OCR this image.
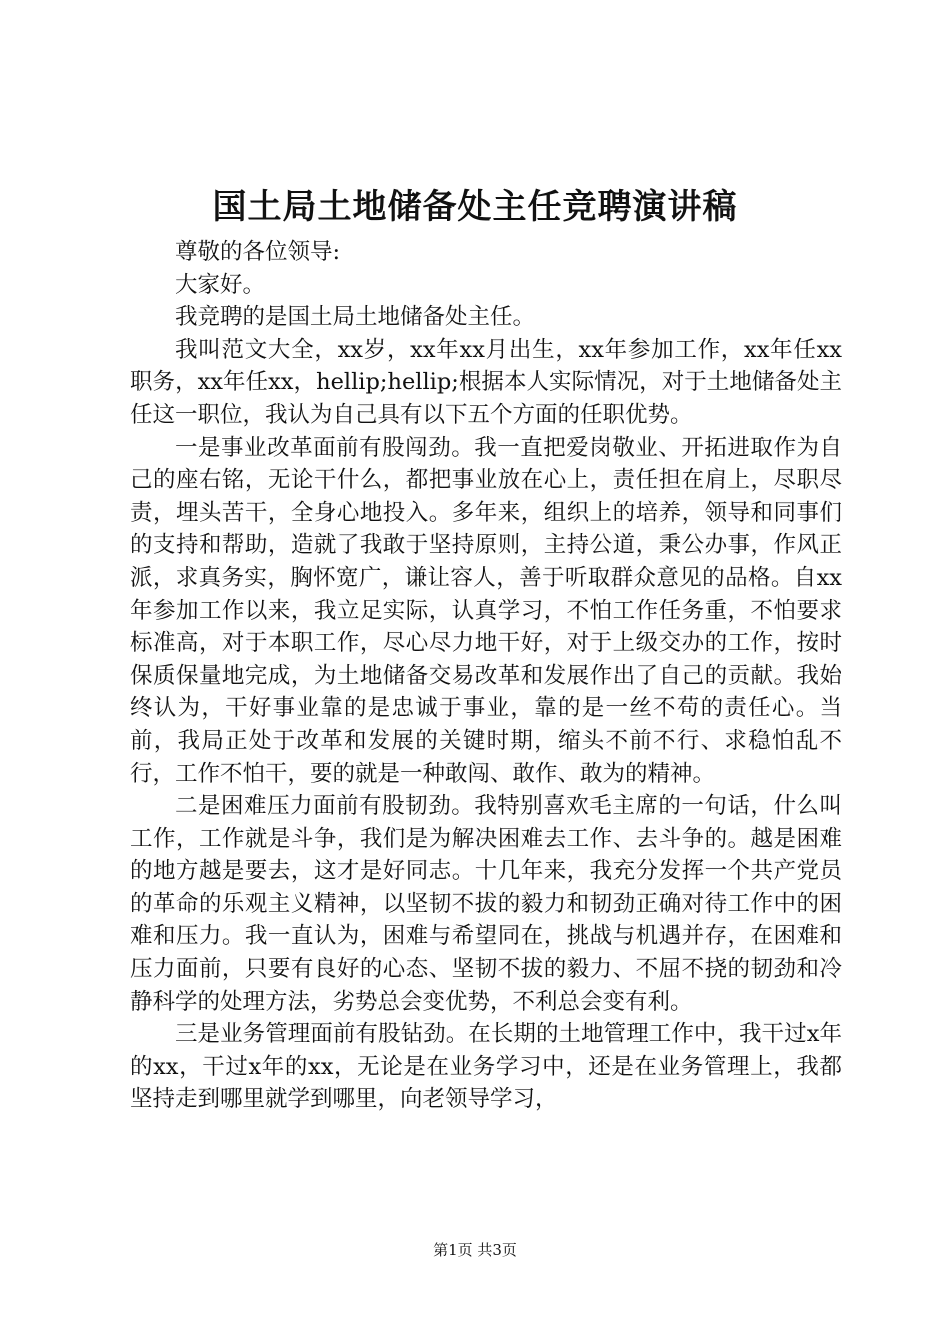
国土局土地储备处主任竞聘演讲稿

尊敬的各位领导:

大家好。

我竞聘的是国土局土地储备处主任。

我叫范文大全，xx岁，xx年xx月出生，xx年参加工作，xx年任xx职务，xx年任xx，hellip;hellip;根据本人实际情况，对于土地储备处主任这一职位，我认为自己具有以下五个方面的任职优势。

一是事业改革面前有股闯劲。我一直把爱岗敬业、开拓进取作为自己的座右铭，无论干什么，都把事业放在心上，责任担在肩上，尽职尽责，埋头苦干，全身心地投入。多年来，组织上的培养，领导和同事们的支持和帮助，造就了我敢于坚持原则，主持公道，秉公办事，作风正派，求真务实，胸怀宽广，谦让容人，善于听取群众意见的品格。自xx年参加工作以来，我立足实际，认真学习，不怕工作任务重，不怕要求标准高，对于本职工作，尽心尽力地干好，对于上级交办的工作，按时保质保量地完成，为土地储备交易改革和发展作出了自己的贡献。我始终认为，干好事业靠的是忠诚于事业，靠的是一丝不苟的责任心。当前，我局正处于改革和发展的关键时期，缩头不前不行、求稳怕乱不行，工作不怕干，要的就是一种敢闯、敢作、敢为的精神。

二是困难压力面前有股韧劲。我特别喜欢毛主席的一句话，什么叫工作，工作就是斗争，我们是为解决困难去工作、去斗争的。越是困难的地方越是要去，这才是好同志。十几年来，我充分发挥一个共产党员的革命的乐观主义精神，以坚韧不拔的毅力和韧劲正确对待工作中的困难和压力。我一直认为，困难与希望同在，挑战与机遇并存，在困难和压力面前，只要有良好的心态、坚韧不拔的毅力、不屈不挠的韧劲和冷静科学的处理方法，劣势总会变优势，不利总会变有利。

三是业务管理面前有股钻劲。在长期的土地管理工作中，我干过x年的xx，干过x年的xx，无论是在业务学习中，还是在业务管理上，我都坚持走到哪里就学到哪里，向老领导学习，

第1页 共3页
